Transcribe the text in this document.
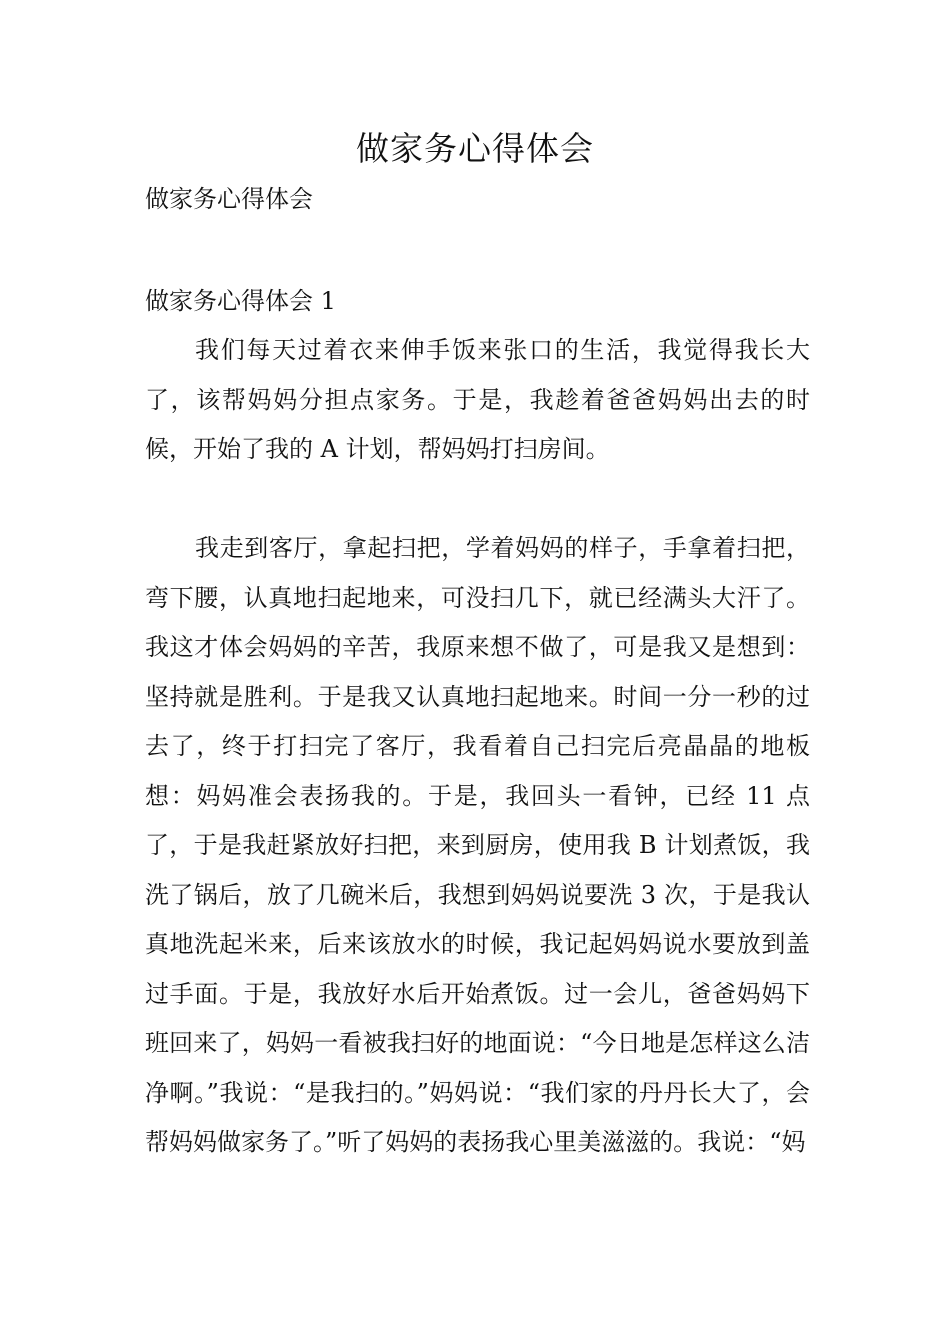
做家务心得体会
做家务心得体会
做家务心得体会 1

我们每天过着衣来伸手饭来张口的生活，我觉得我长大了，该帮妈妈分担点家务。于是，我趁着爸爸妈妈出去的时候，开始了我的 A 计划，帮妈妈打扫房间。

我走到客厅，拿起扫把，学着妈妈的样子，手拿着扫把，弯下腰，认真地扫起地来，可没扫几下，就已经满头大汗了。我这才体会妈妈的辛苦，我原来想不做了，可是我又是想到：坚持就是胜利。于是我又认真地扫起地来。时间一分一秒的过去了，终于打扫完了客厅，我看着自己扫完后亮晶晶的地板想：妈妈准会表扬我的。于是，我回头一看钟，已经 11 点了，于是我赶紧放好扫把，来到厨房，使用我 B 计划煮饭，我洗了锅后，放了几碗米后，我想到妈妈说要洗 3 次，于是我认真地洗起米来，后来该放水的时候，我记起妈妈说水要放到盖过手面。于是，我放好水后开始煮饭。过一会儿，爸爸妈妈下班回来了，妈妈一看被我扫好的地面说：“今日地是怎样这么洁净啊。”我说：“是我扫的。”妈妈说：“我们家的丹丹长大了，会帮妈妈做家务了。”听了妈妈的表扬我心里美滋滋的。我说：“妈
